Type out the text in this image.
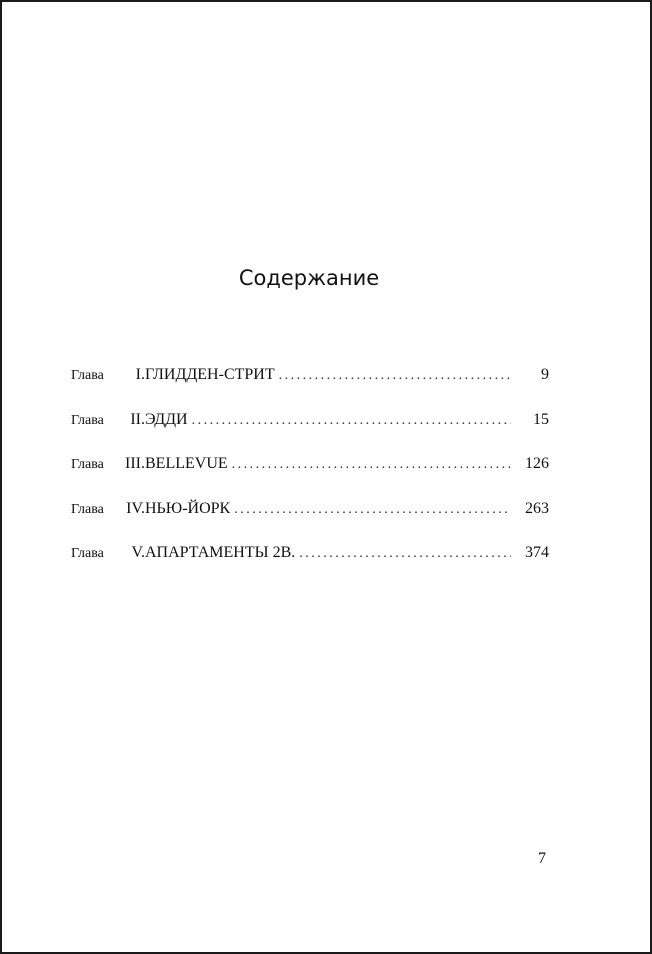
Содержание
Глава	I. ГЛИДДЕН-СТРИТ . . .	9
Глава	II. ЭДДИ . . .	15
Глава	III. BELLEVUE . . .	126
Глава	IV. НЬЮ-ЙОРК . . .	263
Глава	V. АПАРТАМЕНТЫ 2B. . . .	374
7
